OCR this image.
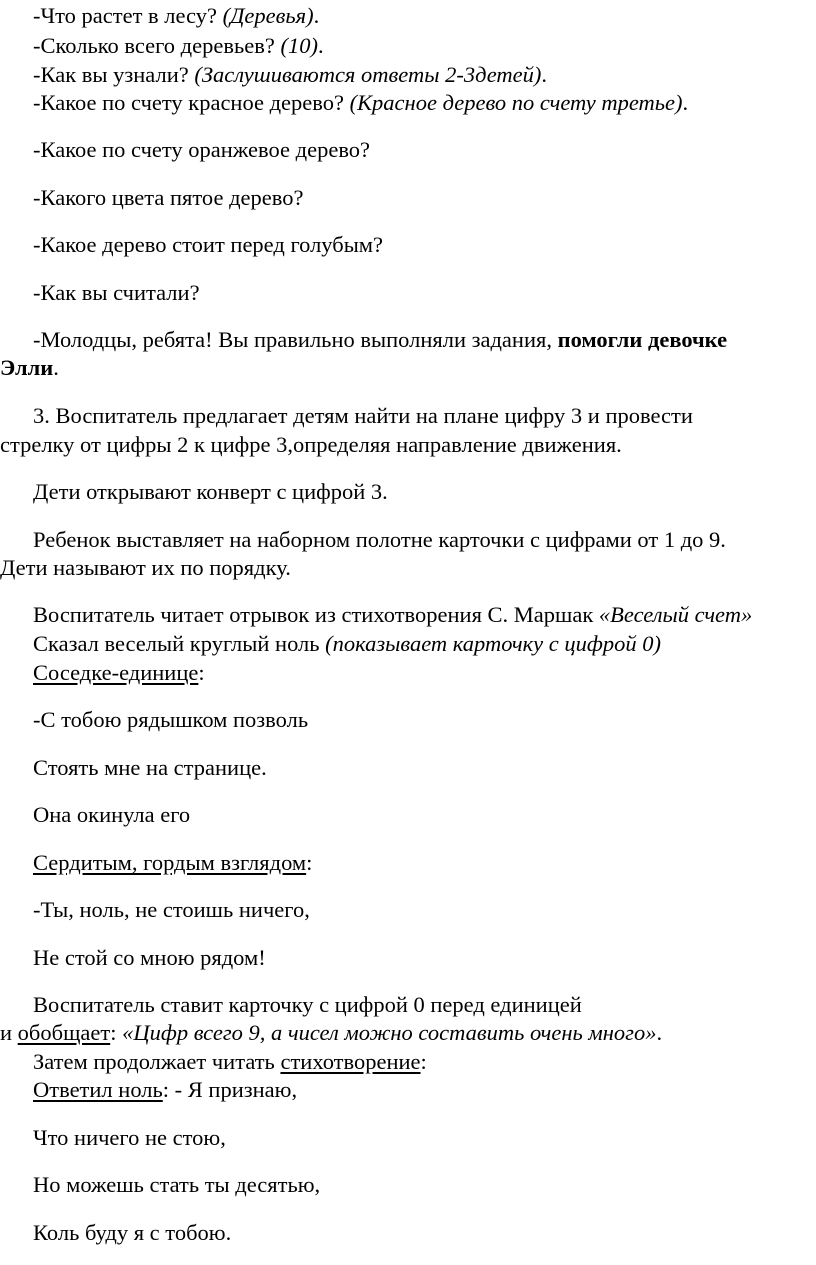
-Что растет в лесу? (Деревья).
-Сколько всего деревьев? (10).
-Как вы узнали? (Заслушиваются ответы 2-3детей).
-Какое по счету красное дерево? (Красное дерево по счету третье).
-Какое по счету оранжевое дерево?
-Какого цвета пятое дерево?
-Какое дерево стоит перед голубым?
-Как вы считали?
-Молодцы, ребята! Вы правильно выполняли задания, помогли девочке
Элли.
3. Воспитатель предлагает детям найти на плане цифру 3 и провести
стрелку от цифры 2 к цифре 3,определяя направление движения.
Дети открывают конверт с цифрой 3.
Ребенок выставляет на наборном полотне карточки с цифрами от 1 до 9.
Дети называют их по порядку.
Воспитатель читает отрывок из стихотворения С. Маршак «Веселый счет»
Сказал веселый круглый ноль (показывает карточку с цифрой 0)
Соседке-единице:
-С тобою рядышком позволь
Стоять мне на странице.
Она окинула его
Сердитым, гордым взглядом:
-Ты, ноль, не стоишь ничего,
Не стой со мною рядом!
Воспитатель ставит карточку с цифрой 0 перед единицей
и обобщает: «Цифр всего 9, а чисел можно составить очень много».
Затем продолжает читать стихотворение:
Ответил ноль: - Я признаю,
Что ничего не стою,
Но можешь стать ты десятью,
Коль буду я с тобою.
